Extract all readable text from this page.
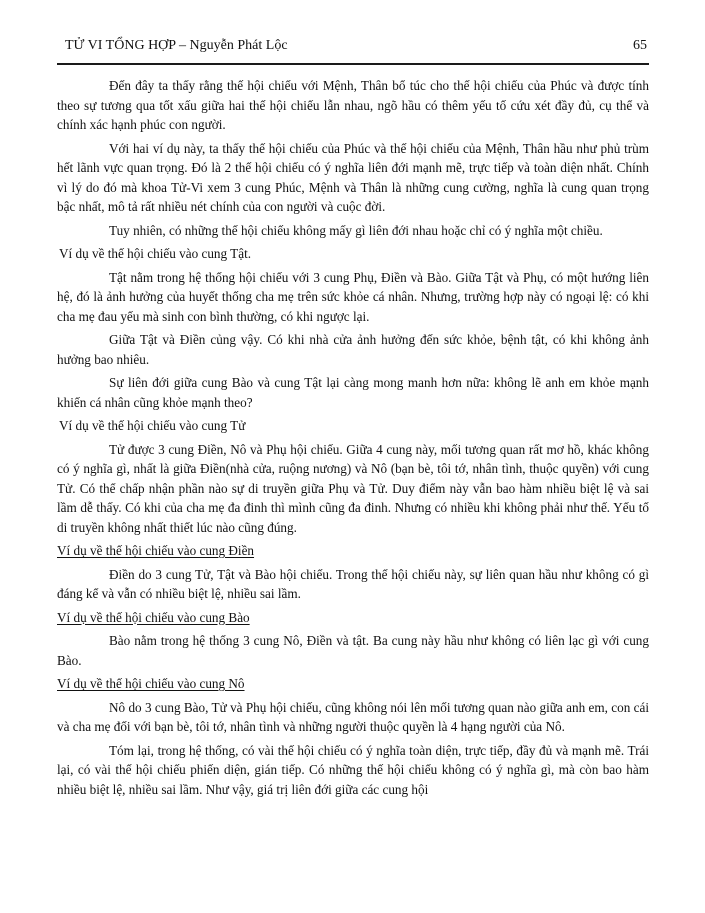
TỬ VI TỔNG HỢP – Nguyễn Phát Lộc	65

Đến đây ta thấy rằng thế hội chiếu với Mệnh, Thân bổ túc cho thế hội chiếu của Phúc và được tính theo sự tương qua tốt xấu giữa hai thế hội chiếu lẫn nhau, ngõ hầu có thêm yếu tố cứu xét đầy đủ, cụ thể và chính xác hạnh phúc con người.

Với hai ví dụ này, ta thấy thế hội chiếu của Phúc và thế hội chiếu của Mệnh, Thân hầu như phủ trùm hết lãnh vực quan trọng. Đó là 2 thế hội chiếu có ý nghĩa liên đới mạnh mẽ, trực tiếp và toàn diện nhất. Chính vì lý do đó mà khoa Tử-Vi xem 3 cung Phúc, Mệnh và Thân là những cung cường, nghĩa là cung quan trọng bậc nhất, mô tả rất nhiều nét chính của con người và cuộc đời.

Tuy nhiên, có những thế hội chiếu không mấy gì liên đới nhau hoặc chỉ có ý nghĩa một chiều.

Ví dụ về thế hội chiếu vào cung Tật.

Tật nằm trong hệ thống hội chiếu với 3 cung Phụ, Điền và Bào. Giữa Tật và Phụ, có một hướng liên hệ, đó là ảnh hưởng của huyết thống cha mẹ trên sức khỏe cá nhân. Nhưng, trường hợp này có ngoại lệ: có khi cha mẹ đau yếu mà sinh con bình thường, có khi ngược lại.

Giữa Tật và Điền củng vậy. Có khi nhà cửa ảnh hưởng đến sức khỏe, bệnh tật, có khi không ảnh hưởng bao nhiêu.

Sự liên đới giữa cung Bào và cung Tật lại càng mong manh hơn nữa: không lẽ anh em khỏe mạnh khiến cá nhân cũng khỏe mạnh theo?

Ví dụ về thế hội chiếu vào cung Tử

Tử được 3 cung Điền, Nô và Phụ hội chiếu. Giữa 4 cung này, mối tương quan rất mơ hồ, khác không có ý nghĩa gì, nhất là giữa Điền(nhà cửa, ruộng nương) và Nô (bạn bè, tôi tớ, nhân tình, thuộc quyền) với cung Tử. Có thể chấp nhận phần nào sự di truyền giữa Phụ và Tử. Duy điểm này vẫn bao hàm nhiều biệt lệ và sai lầm dễ thấy. Có khi của cha mẹ đa đinh thì mình cũng đa đinh. Nhưng có nhiều khi không phải như thế. Yếu tố di truyền không nhất thiết lúc nào cũng đúng.

Ví dụ về thế hội chiếu vào cung Điền

Điền do 3 cung Tử, Tật và Bào hội chiếu. Trong thế hội chiếu này, sự liên quan hầu như không có gì đáng kể và vẫn có nhiều biệt lệ, nhiều sai lầm.

Ví dụ về thế hội chiếu vào cung Bào

Bào nằm trong hệ thống 3 cung Nô, Điền và tật. Ba cung này hầu như không có liên lạc gì với cung Bào.

Ví dụ về thế hội chiếu vào cung Nô

Nô do 3 cung Bào, Tử và Phụ hội chiếu, cũng không nói lên mối tương quan nào giữa anh em, con cái và cha mẹ đối với bạn bè, tôi tớ, nhân tình và những người thuộc quyền là 4 hạng người của Nô.

Tóm lại, trong hệ thống, có vài thế hội chiếu có ý nghĩa toàn diện, trực tiếp, đầy đủ và mạnh mẽ. Trái lại, có vài thế hội chiếu phiến diện, gián tiếp. Có những thế hội chiếu không có ý nghĩa gì, mà còn bao hàm nhiều biệt lệ, nhiều sai lầm. Như vậy, giá trị liên đới giữa các cung hội
